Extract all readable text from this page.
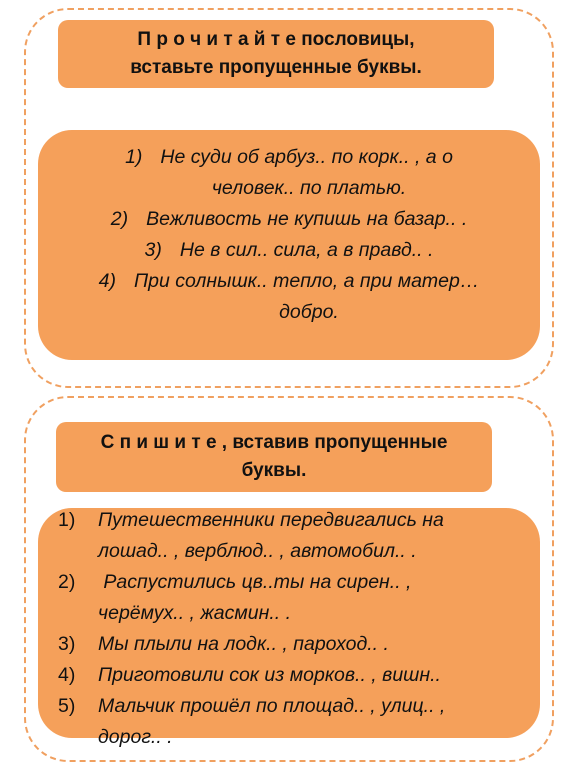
П р о ч и т а й т е пословицы,
вставьте пропущенные буквы.
1) Не суди об арбуз.. по корк.. , а о
человек.. по платью.
2) Вежливость не купишь на базар.. .
3) Не в сил.. сила, а в правд.. .
4) При солнышк.. тепло, а при матер…
добро.
С п и ш и т е , вставив пропущенные
буквы.
1)	Путешественники передвигались на
лошад.. , верблюд.. , автомобил.. .
2)	Распустились цв..ты на сирен.. ,
черёмух.. , жасмин.. .
3)	Мы плыли на лодк.. , пароход.. .
4)	Приготовили сок из морков.. , вишн..
5)	Мальчик прошёл по площад.. , улиц.. ,
дорог.. .
